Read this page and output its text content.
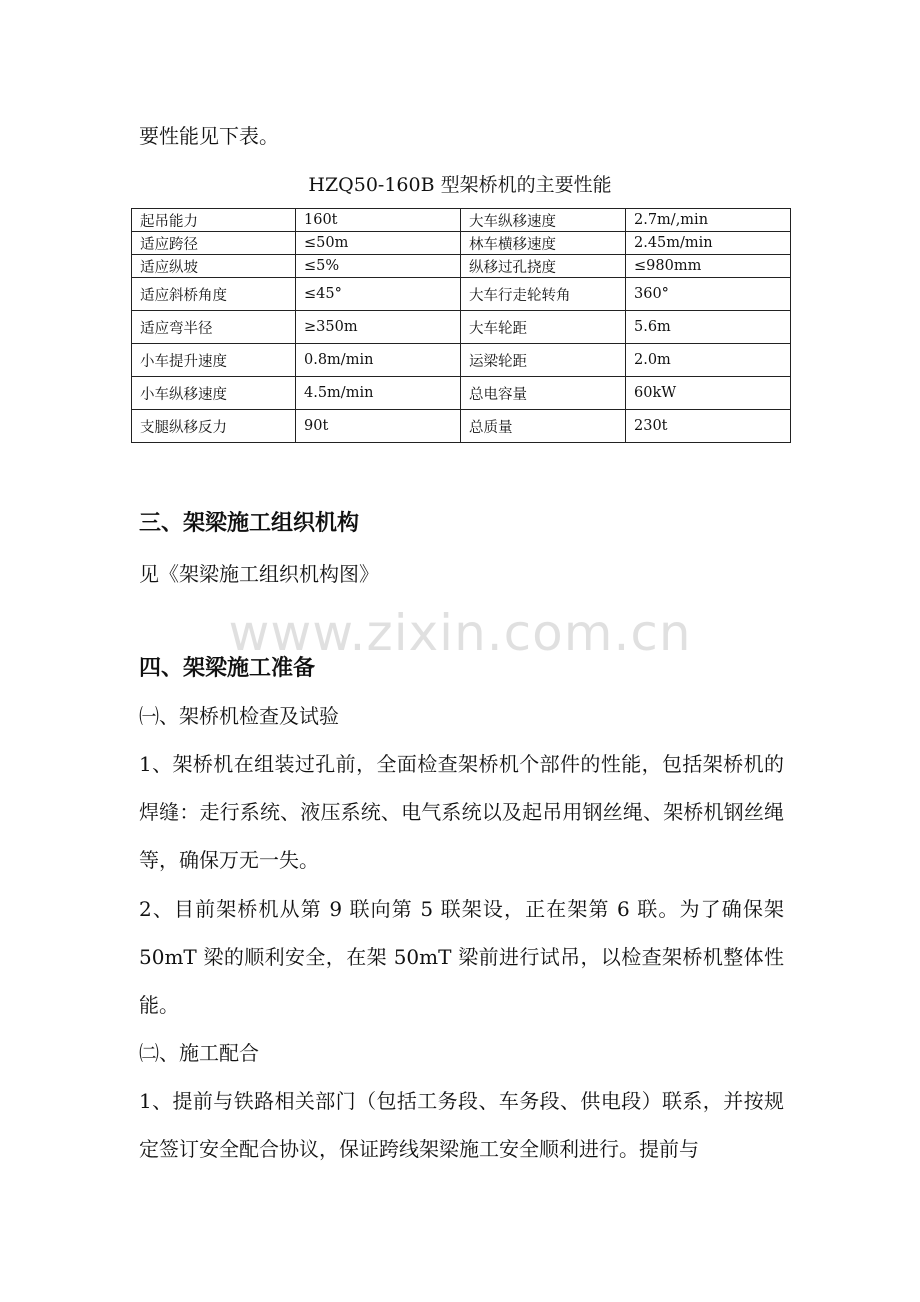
要性能见下表。
HZQ50-160B 型架桥机的主要性能
起吊能力	160t	大车纵移速度	2.7m/,min
适应跨径	≤50m	林车横移速度	2.45m/min
适应纵坡	≤5%	纵移过孔挠度	≤980mm
适应斜桥角度	≤45°	大车行走轮转角	360°
适应弯半径	≥350m	大车轮距	5.6m
小车提升速度	0.8m/min	运梁轮距	2.0m
小车纵移速度	4.5m/min	总电容量	60kW
支腿纵移反力	90t	总质量	230t
三、架梁施工组织机构
见《架梁施工组织机构图》
www.zixin.com.cn
四、架梁施工准备
㈠、架桥机检查及试验
1、架桥机在组装过孔前，全面检查架桥机个部件的性能，包括架桥机的焊缝：走行系统、液压系统、电气系统以及起吊用钢丝绳、架桥机钢丝绳等，确保万无一失。
2、目前架桥机从第 9 联向第 5 联架设，正在架第 6 联。为了确保架 50mT 梁的顺利安全，在架 50mT 梁前进行试吊，以检查架桥机整体性能。
㈡、施工配合
1、提前与铁路相关部门（包括工务段、车务段、供电段）联系，并按规定签订安全配合协议，保证跨线架梁施工安全顺利进行。提前与
